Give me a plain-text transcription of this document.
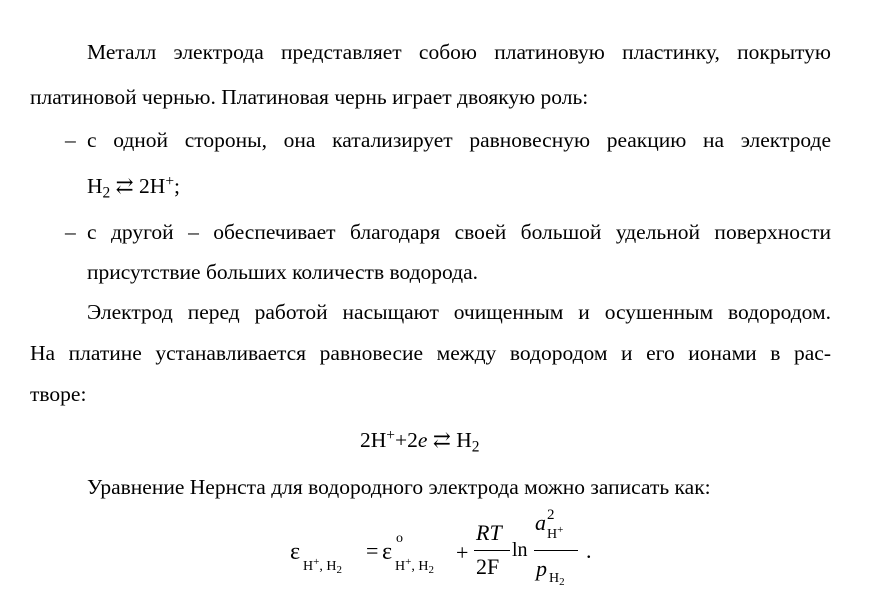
Металл электрода представляет собою платиновую пластинку, покрытую
платиновой чернью. Платиновая чернь играет двоякую роль:
– с одной стороны, она катализирует равновесную реакцию на электроде
$H_2$ ⇄ 2H+;
– с другой – обеспечивает благодаря своей большой удельной поверхности
присутствие больших количеств водорода.
Электрод перед работой насыщают очищенным и осушенным водородом.
На платине устанавливается равновесие между водородом и его ионами в рас-
творе:
2H++2e ⇄ $H_2$
Уравнение Нернста для водородного электрода можно записать как:
ε
H+, $H_2$
= ε
o
H+, $H_2$
+
RT
2F
ln
a 2
H+
p $H_2$
.
